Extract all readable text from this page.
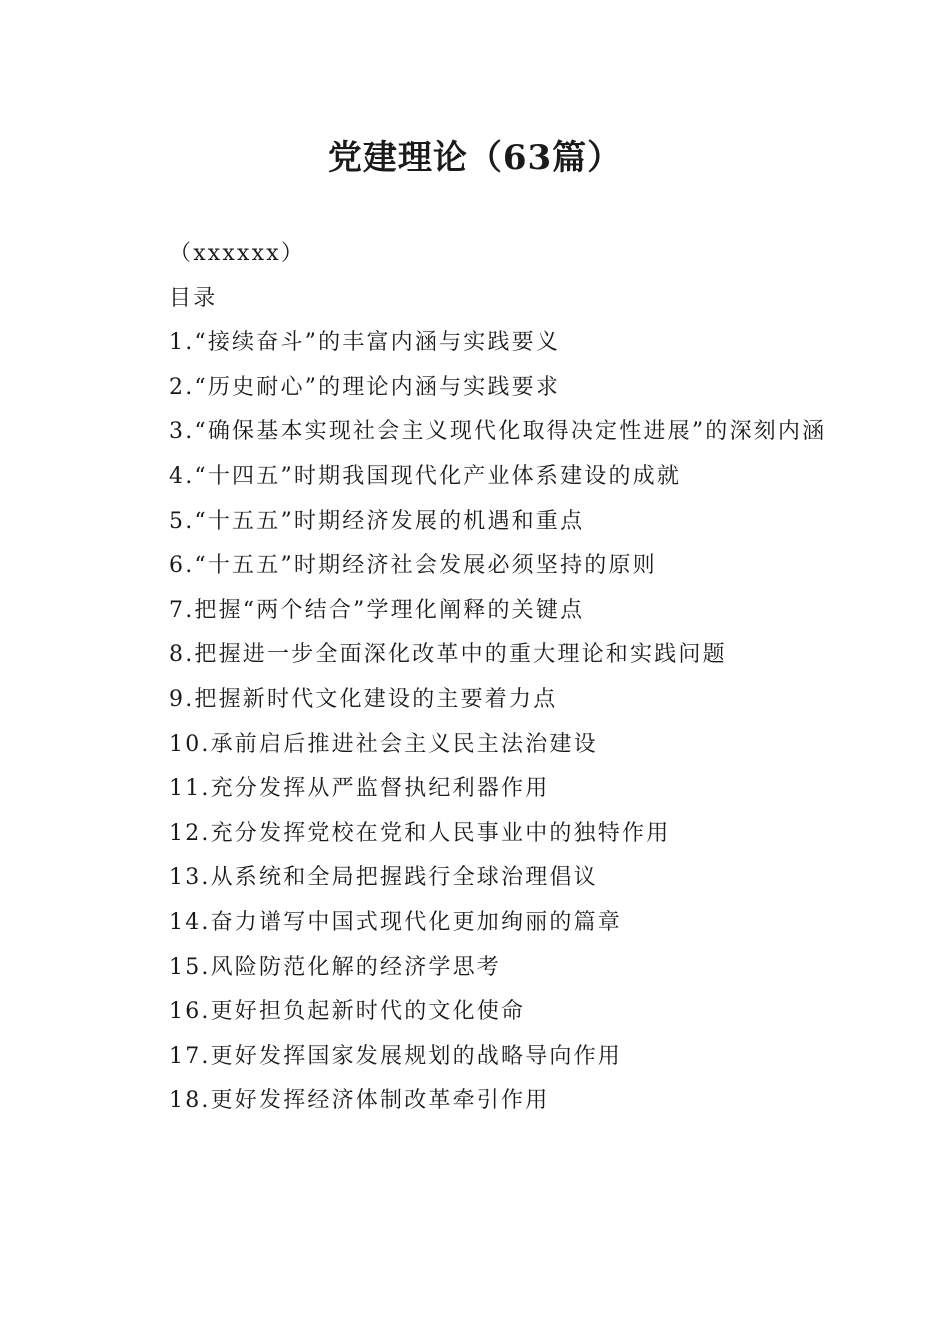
党建理论（63篇）

（xxxxxx）

目录

1.“接续奋斗”的丰富内涵与实践要义

2.“历史耐心”的理论内涵与实践要求

3.“确保基本实现社会主义现代化取得决定性进展”的深刻内涵

4.“十四五”时期我国现代化产业体系建设的成就

5.“十五五”时期经济发展的机遇和重点

6.“十五五”时期经济社会发展必须坚持的原则

7.把握“两个结合”学理化阐释的关键点

8.把握进一步全面深化改革中的重大理论和实践问题

9.把握新时代文化建设的主要着力点

10.承前启后推进社会主义民主法治建设

11.充分发挥从严监督执纪利器作用

12.充分发挥党校在党和人民事业中的独特作用

13.从系统和全局把握践行全球治理倡议

14.奋力谱写中国式现代化更加绚丽的篇章

15.风险防范化解的经济学思考

16.更好担负起新时代的文化使命

17.更好发挥国家发展规划的战略导向作用

18.更好发挥经济体制改革牵引作用
